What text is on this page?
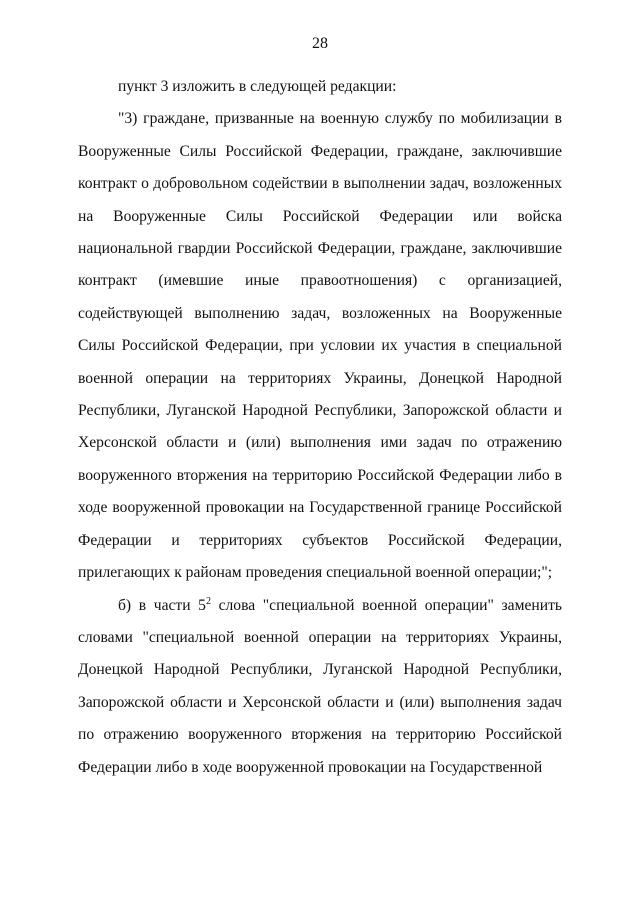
28

пункт 3 изложить в следующей редакции:

"3) граждане, призванные на военную службу по мобилизации в Вооруженные Силы Российской Федерации, граждане, заключившие контракт о добровольном содействии в выполнении задач, возложенных на Вооруженные Силы Российской Федерации или войска национальной гвардии Российской Федерации, граждане, заключившие контракт (имевшие иные правоотношения) с организацией, содействующей выполнению задач, возложенных на Вооруженные Силы Российской Федерации, при условии их участия в специальной военной операции на территориях Украины, Донецкой Народной Республики, Луганской Народной Республики, Запорожской области и Херсонской области и (или) выполнения ими задач по отражению вооруженного вторжения на территорию Российской Федерации либо в ходе вооруженной провокации на Государственной границе Российской Федерации и территориях субъектов Российской Федерации, прилегающих к районам проведения специальной военной операции;";

б) в части $5^2$ слова "специальной военной операции" заменить словами "специальной военной операции на территориях Украины, Донецкой Народной Республики, Луганской Народной Республики, Запорожской области и Херсонской области и (или) выполнения задач по отражению вооруженного вторжения на территорию Российской Федерации либо в ходе вооруженной провокации на Государственной
